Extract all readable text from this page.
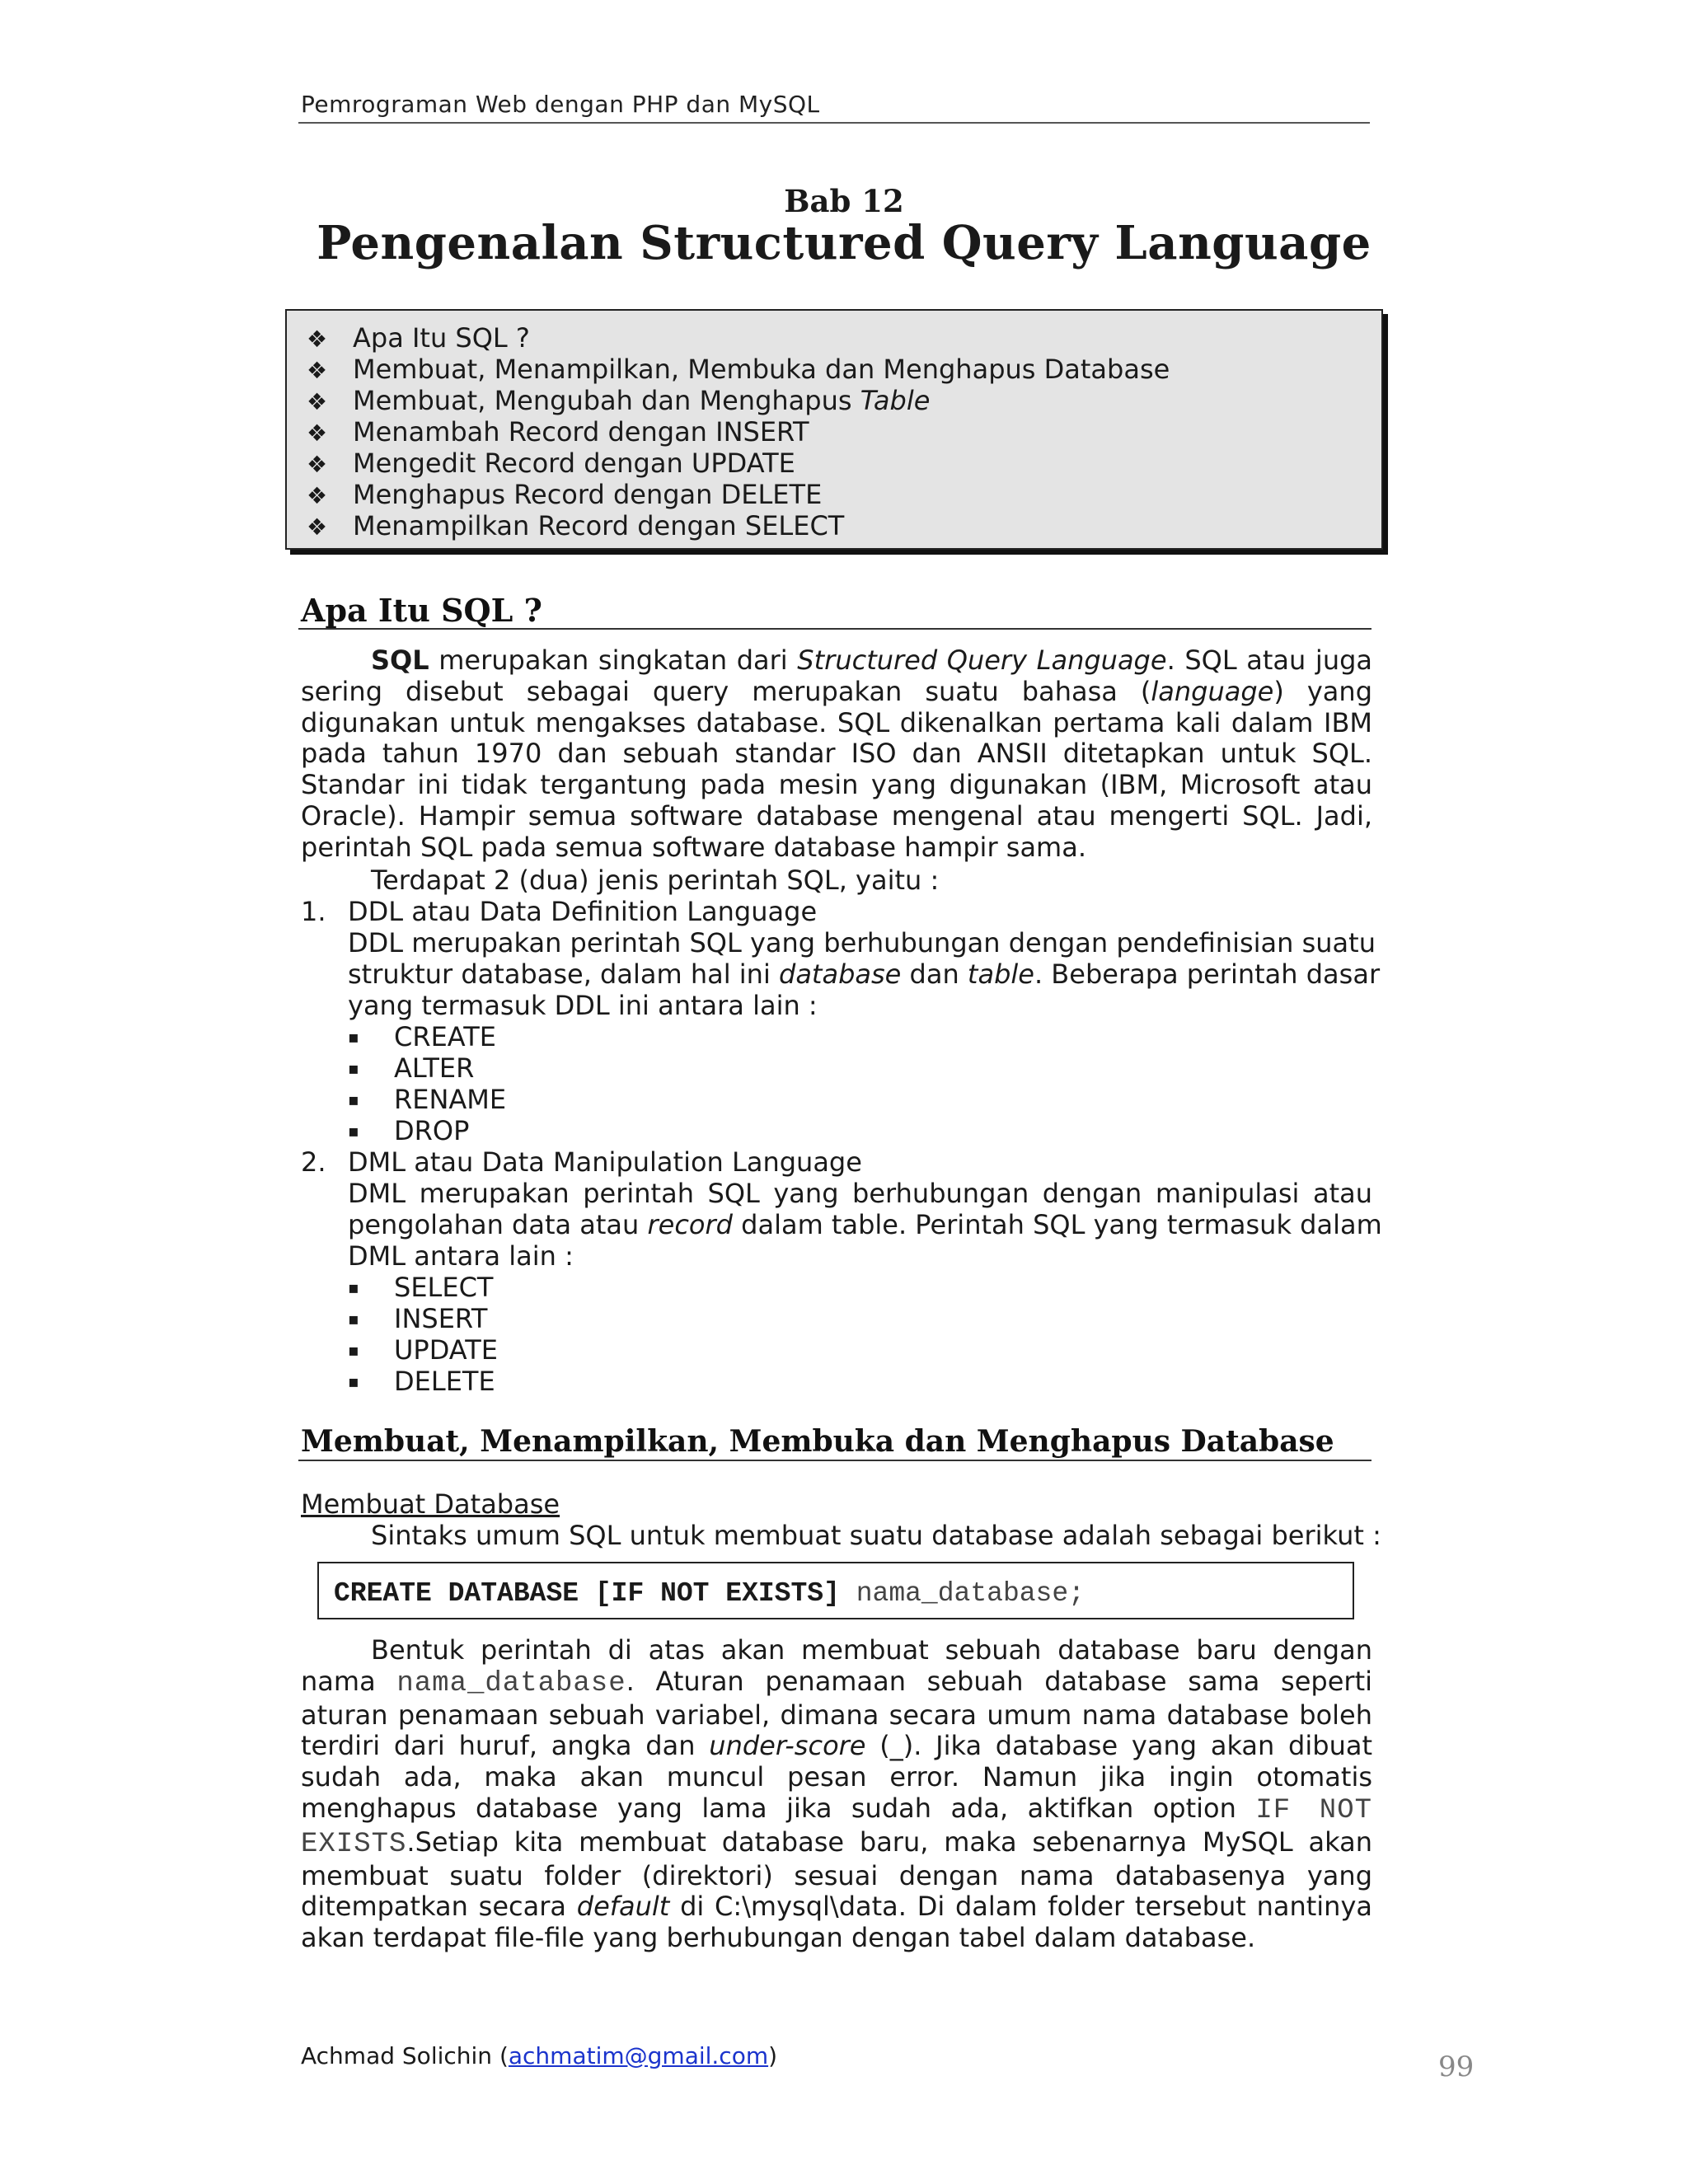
Pemrograman Web dengan PHP dan MySQL
Bab 12
Pengenalan Structured Query Language
❖ Apa Itu SQL ?
❖ Membuat, Menampilkan, Membuka dan Menghapus Database
❖ Membuat, Mengubah dan Menghapus Table
❖ Menambah Record dengan INSERT
❖ Mengedit Record dengan UPDATE
❖ Menghapus Record dengan DELETE
❖ Menampilkan Record dengan SELECT
Apa Itu SQL ?

SQL merupakan singkatan dari Structured Query Language. SQL atau juga sering disebut sebagai query merupakan suatu bahasa (language) yang digunakan untuk mengakses database. SQL dikenalkan pertama kali dalam IBM pada tahun 1970 dan sebuah standar ISO dan ANSII ditetapkan untuk SQL. Standar ini tidak tergantung pada mesin yang digunakan (IBM, Microsoft atau Oracle). Hampir semua software database mengenal atau mengerti SQL. Jadi, perintah SQL pada semua software database hampir sama.

Terdapat 2 (dua) jenis perintah SQL, yaitu :
1. DDL atau Data Definition Language
DDL merupakan perintah SQL yang berhubungan dengan pendefinisian suatu
struktur database, dalam hal ini database dan table. Beberapa perintah dasar
yang termasuk DDL ini antara lain :
▪ CREATE
▪ ALTER
▪ RENAME
▪ DROP
2. DML atau Data Manipulation Language
DML merupakan perintah SQL yang berhubungan dengan manipulasi atau
pengolahan data atau record dalam table. Perintah SQL yang termasuk dalam
DML antara lain :
▪ SELECT
▪ INSERT
▪ UPDATE
▪ DELETE
Membuat, Menampilkan, Membuka dan Menghapus Database
Membuat Database
Sintaks umum SQL untuk membuat suatu database adalah sebagai berikut :
CREATE DATABASE [IF NOT EXISTS] nama_database;

Bentuk perintah di atas akan membuat sebuah database baru dengan nama nama_database. Aturan penamaan sebuah database sama seperti aturan penamaan sebuah variabel, dimana secara umum nama database boleh terdiri dari huruf, angka dan under-score (_). Jika database yang akan dibuat sudah ada, maka akan muncul pesan error. Namun jika ingin otomatis menghapus database yang lama jika sudah ada, aktifkan option IF NOT EXISTS.Setiap kita membuat database baru, maka sebenarnya MySQL akan membuat suatu folder (direktori) sesuai dengan nama databasenya yang ditempatkan secara default di C:\mysql\data. Di dalam folder tersebut nantinya akan terdapat file-file yang berhubungan dengan tabel dalam database.

Achmad Solichin (achmatim@gmail.com)	99
